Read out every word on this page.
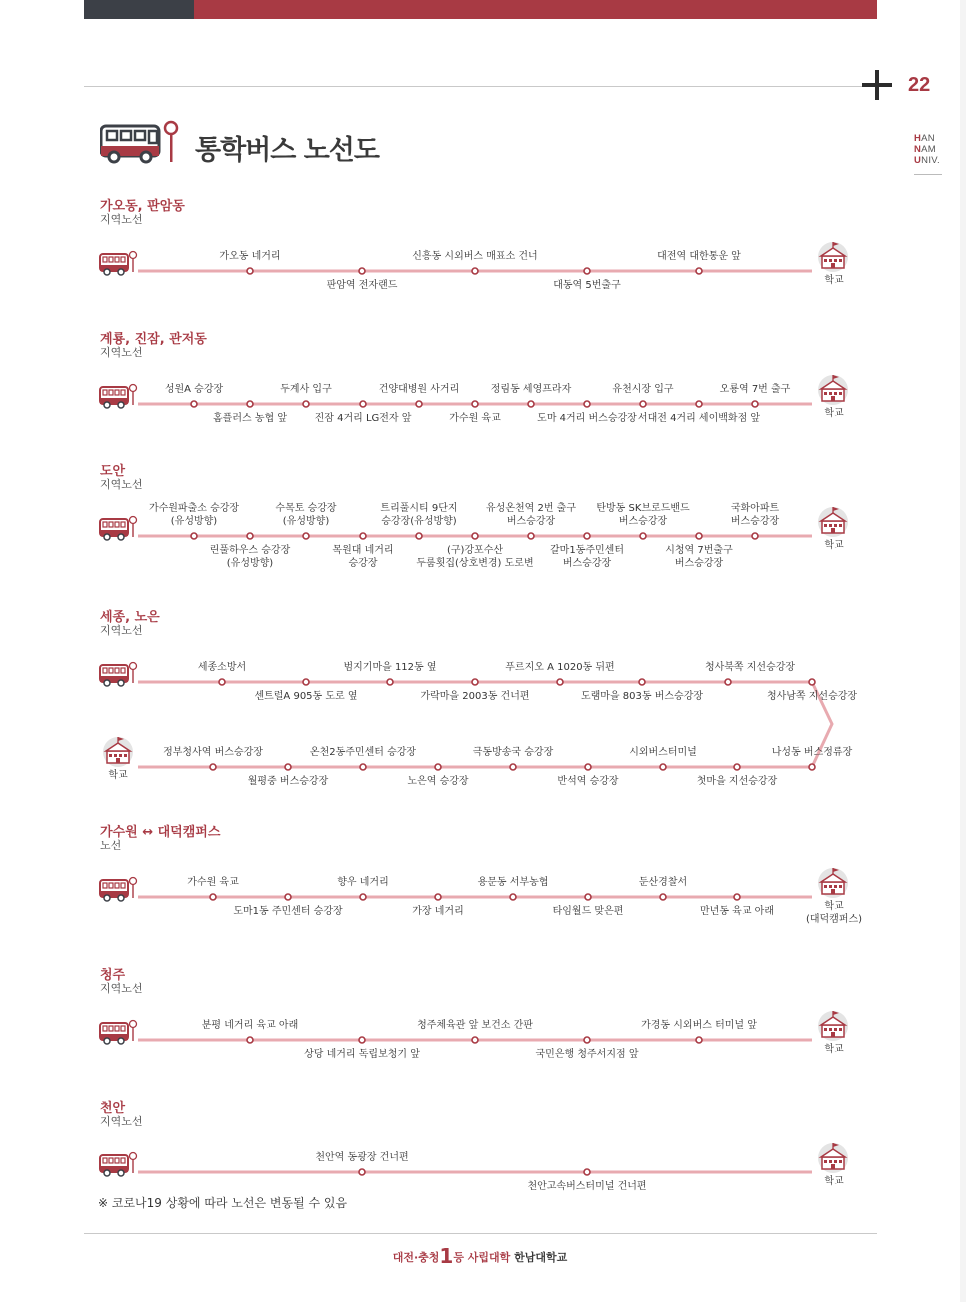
22
HAN
NAM
UNIV.
통학버스 노선도
가오동, 판암동
지역노선
학교
가오동 네거리
판암역 전자랜드
신흥동 시외버스 매표소 건너
대동역 5번출구
대전역 대한통운 앞
계룡, 진잠, 관저동
지역노선
학교
성원A 승강장
홈플러스 농협 앞
두계사 입구
진잠 4거리 LG전자 앞
건양대병원 사거리
가수원 육교
정림동 세영프라자
도마 4거리 버스승강장
유천시장 입구
서대전 4거리 세이백화점 앞
오룡역 7번 출구
도안
지역노선
학교
가수원파출소 승강장
(유성방향)
린풀하우스 승강장
(유성방향)
수목토 승강장
(유성방향)
목원대 네거리
승강장
트리풀시티 9단지
승강장(유성방향)
(구)강포수산
두룸횟집(상호변경) 도로변
유성온천역 2번 출구
버스승강장
갈마1동주민센터
버스승강장
탄방동 SK브로드밴드
버스승강장
시청역 7번출구
버스승강장
국화아파트
버스승강장
세종, 노은
지역노선
학교
세종소방서	범지기마을 112동 옆	푸르지오 A 1020동 뒤편	청사북쪽 지선승강장
센트럴A 905동 도로 옆	가락마을 2003동 건너편	도램마을 803동 버스승강장	청사남쪽 지선승강장
정부청사역 버스승강장	온천2동주민센터 승강장	극동방송국 승강장	시외버스터미널	나성동 버스정류장
월평중 버스승강장	노은역 승강장	반석역 승강장	첫마을 지선승강장
가수원 ↔ 대덕캠퍼스
노선
학교
(대덕캠퍼스)
가수원 육교
도마1동 주민센터 승강장
향우 네거리
가장 네거리
용문동 서부농협
타임월드 맞은편
둔산경찰서
만년동 육교 아래
청주
지역노선
학교
분평 네거리 육교 아래
상당 네거리 독립보청기 앞
청주체육관 앞 보건소 간판
국민은행 청주서지점 앞
가경동 시외버스 터미널 앞
천안
지역노선
학교
천안역 동광장 건너편
천안고속버스터미널 건너편
※ 코로나19 상황에 따라 노선은 변동될 수 있음
대전·충청1등 사립대학 한남대학교
